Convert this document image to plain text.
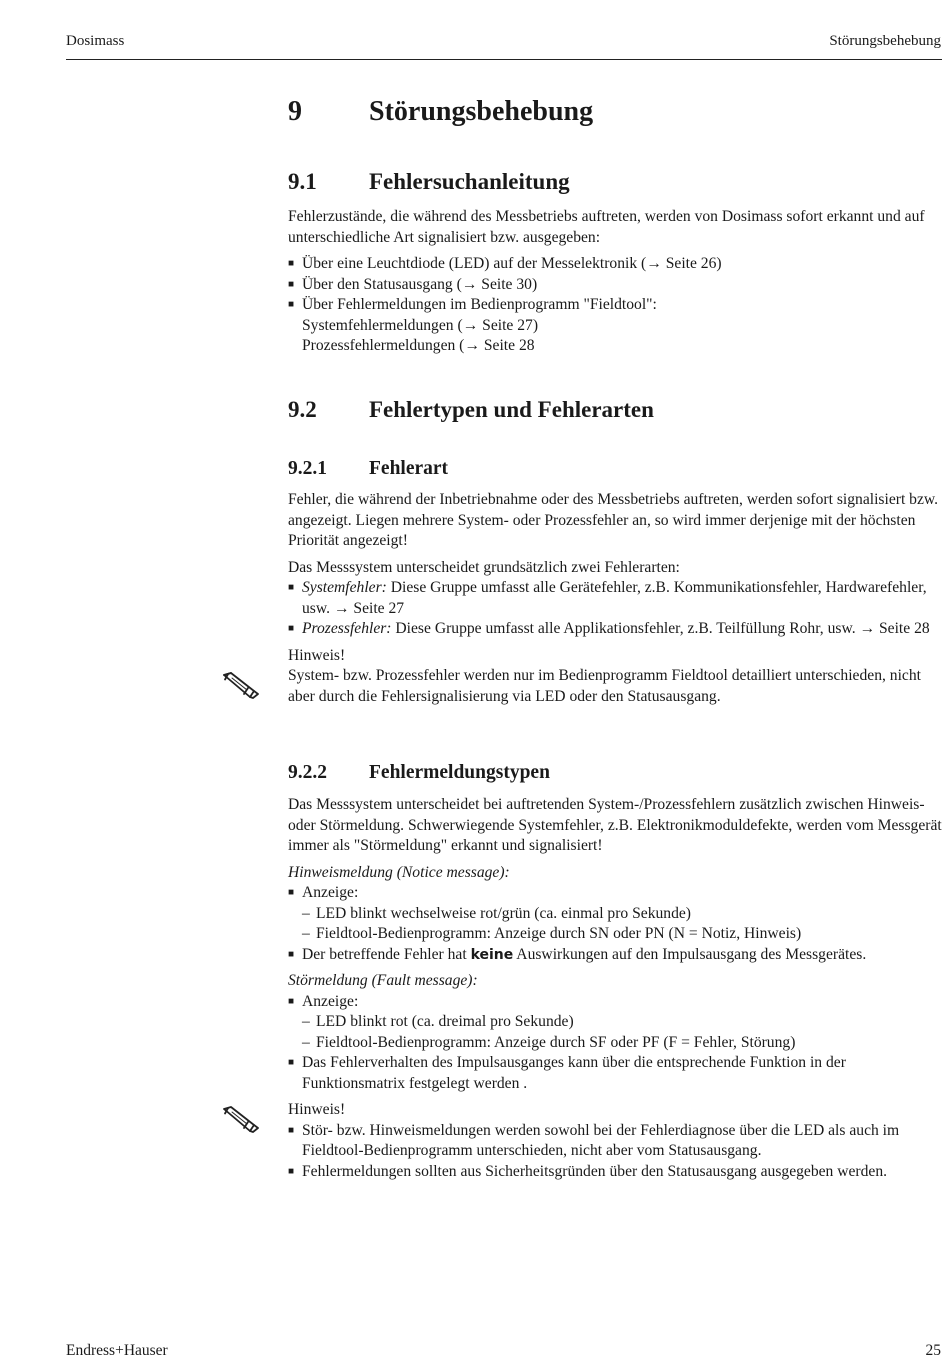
Dosimass	Störungsbehebung
9 Störungsbehebung
9.1 Fehlersuchanleitung

Fehlerzustände, die während des Messbetriebs auftreten, werden von Dosimass sofort erkannt und auf unterschiedliche Art signalisiert bzw. ausgegeben:

■ Über eine Leuchtdiode (LED) auf der Messelektronik (→ Seite 26)
■ Über den Statusausgang (→ Seite 30)
■ Über Fehlermeldungen im Bedienprogramm "Fieldtool":
Systemfehlermeldungen (→ Seite 27)
Prozessfehlermeldungen (→ Seite 28
9.2 Fehlertypen und Fehlerarten
9.2.1 Fehlerart

Fehler, die während der Inbetriebnahme oder des Messbetriebs auftreten, werden sofort signalisiert bzw. angezeigt. Liegen mehrere System- oder Prozessfehler an, so wird immer derjenige mit der höchsten Priorität angezeigt!

Das Messsystem unterscheidet grundsätzlich zwei Fehlerarten:

■ Systemfehler: Diese Gruppe umfasst alle Gerätefehler, z.B. Kommunikationsfehler, Hardwarefehler, usw. → Seite 27
■ Prozessfehler: Diese Gruppe umfasst alle Applikationsfehler, z.B. Teilfüllung Rohr, usw. → Seite 28

Hinweis!

System- bzw. Prozessfehler werden nur im Bedienprogramm Fieldtool detailliert unterschieden, nicht aber durch die Fehlersignalisierung via LED oder den Statusausgang.

9.2.2 Fehlermeldungstypen

Das Messsystem unterscheidet bei auftretenden System-/Prozessfehlern zusätzlich zwischen Hinweis- oder Störmeldung. Schwerwiegende Systemfehler, z.B. Elektronikmoduldefekte, werden vom Messgerät immer als "Störmeldung" erkannt und signalisiert!

Hinweismeldung (Notice message):

■ Anzeige:
– LED blinkt wechselweise rot/grün (ca. einmal pro Sekunde)
– Fieldtool-Bedienprogramm: Anzeige durch SN oder PN (N = Notiz, Hinweis)
■ Der betreffende Fehler hat keine Auswirkungen auf den Impulsausgang des Messgerätes.

Störmeldung (Fault message):

■ Anzeige:
– LED blinkt rot (ca. dreimal pro Sekunde)
– Fieldtool-Bedienprogramm: Anzeige durch SF oder PF (F = Fehler, Störung)
■ Das Fehlerverhalten des Impulsausganges kann über die entsprechende Funktion in der Funktionsmatrix festgelegt werden .

Hinweis!

■ Stör- bzw. Hinweismeldungen werden sowohl bei der Fehlerdiagnose über die LED als auch im Fieldtool-Bedienprogramm unterschieden, nicht aber vom Statusausgang.
■ Fehlermeldungen sollten aus Sicherheitsgründen über den Statusausgang ausgegeben werden.
Endress+Hauser	25
